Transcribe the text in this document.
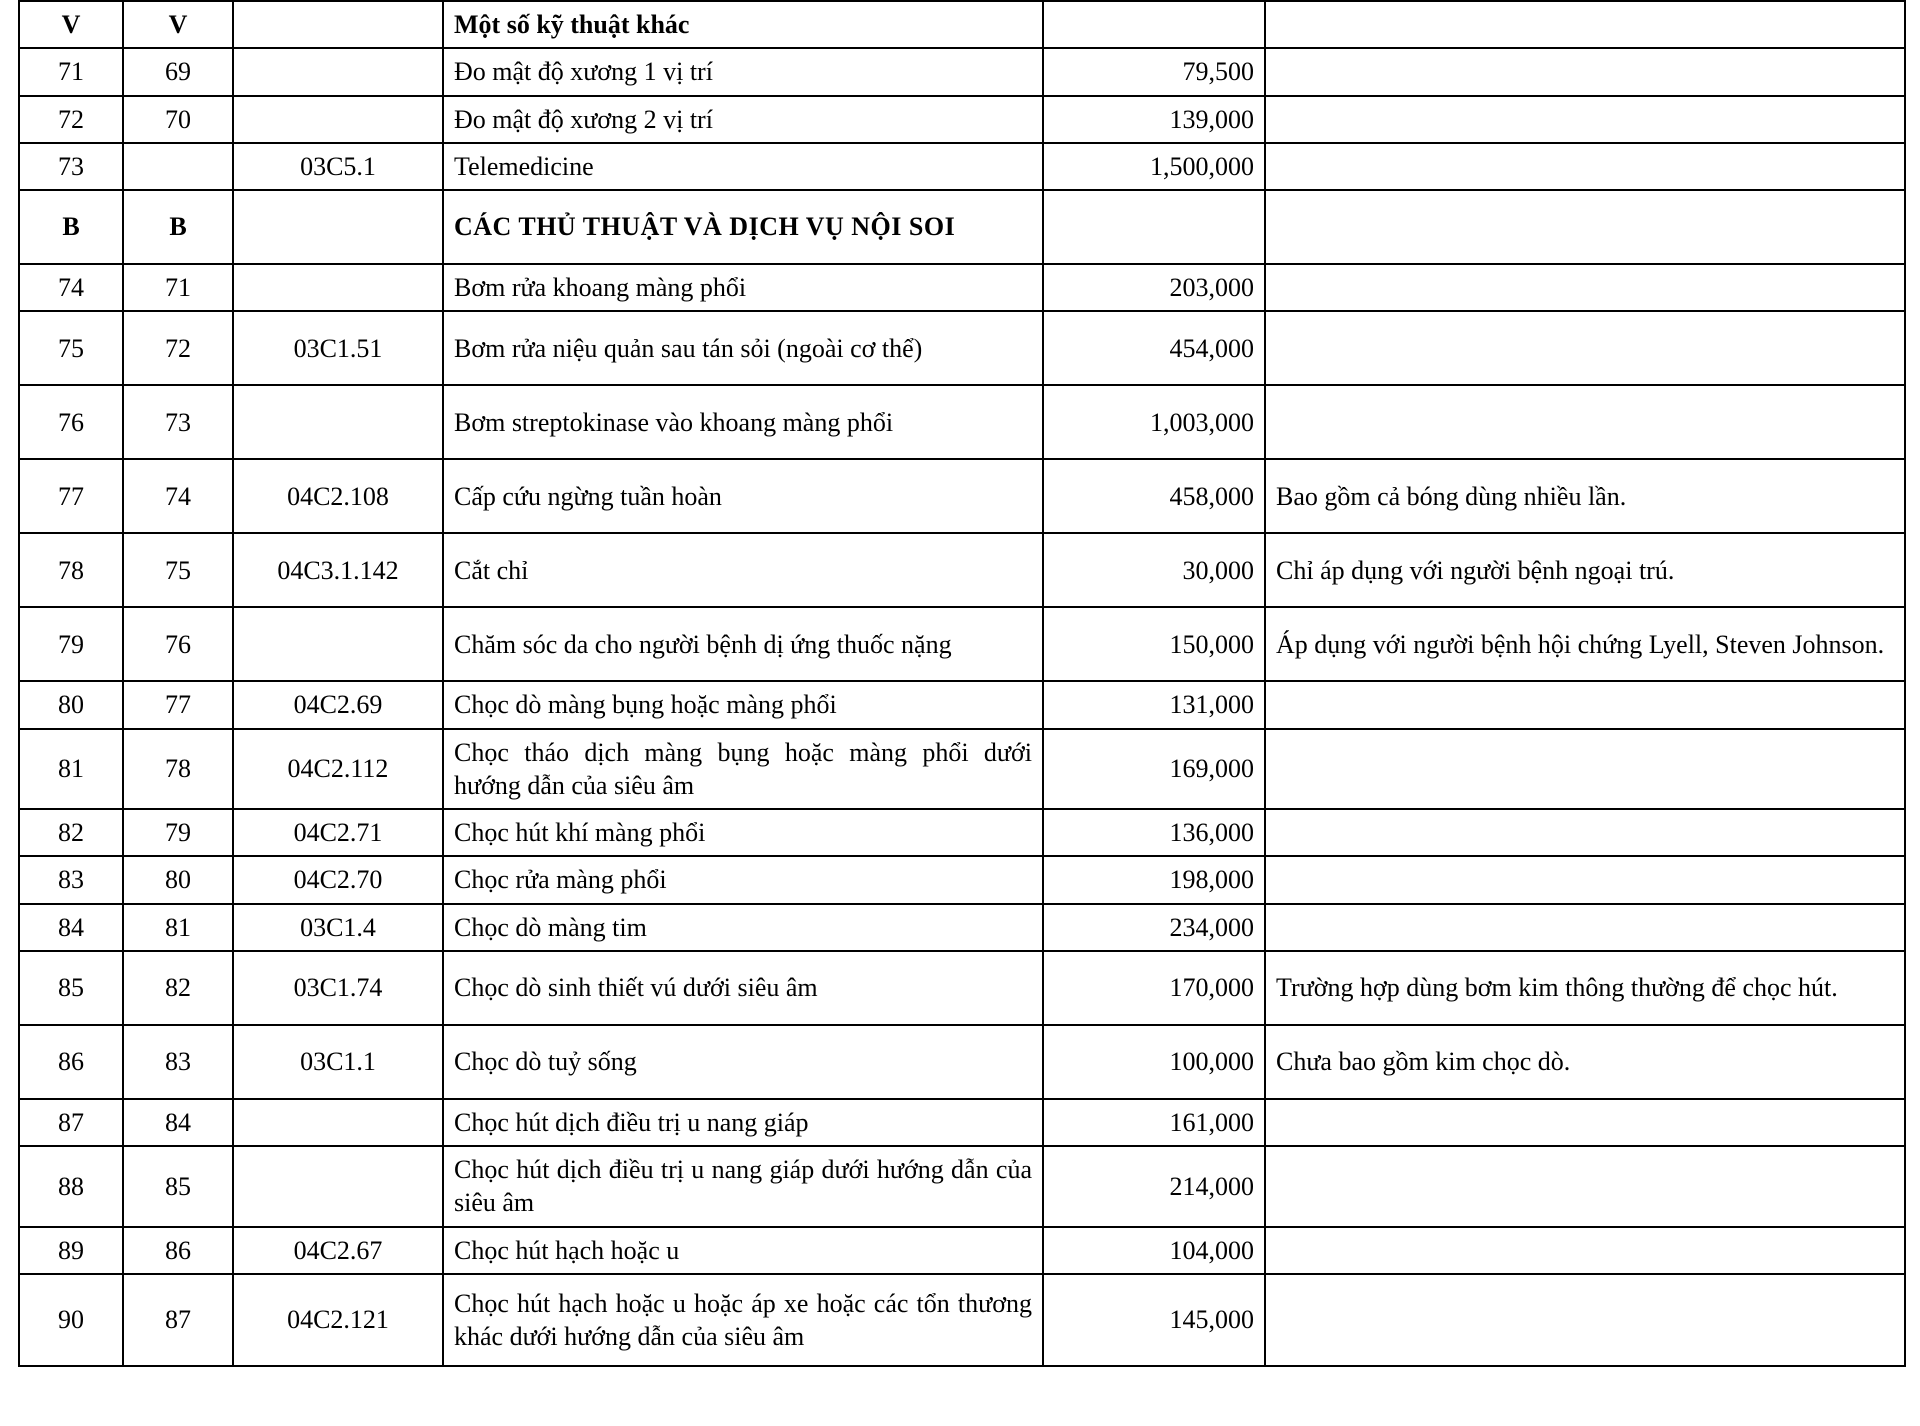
V	V		Một số kỹ thuật khác		
71	69		Đo mật độ xương 1 vị trí	79,500	
72	70		Đo mật độ xương 2 vị trí	139,000	
73		03C5.1	Telemedicine	1,500,000	
B	B		CÁC THỦ THUẬT VÀ DỊCH VỤ NỘI SOI		
74	71		Bơm rửa khoang màng phổi	203,000	
75	72	03C1.51	Bơm rửa niệu quản sau tán sỏi (ngoài cơ thể)	454,000	
76	73		Bơm streptokinase vào khoang màng phổi	1,003,000	
77	74	04C2.108	Cấp cứu ngừng tuần hoàn	458,000	Bao gồm cả bóng dùng nhiều lần.
78	75	04C3.1.142	Cắt chỉ	30,000	Chỉ áp dụng với người bệnh ngoại trú.
79	76		Chăm sóc da cho người bệnh dị ứng thuốc nặng	150,000	Áp dụng với người bệnh hội chứng Lyell, Steven Johnson.
80	77	04C2.69	Chọc dò màng bụng hoặc màng phổi	131,000	
81	78	04C2.112	Chọc tháo dịch màng bụng hoặc màng phổi dưới hướng dẫn của siêu âm	169,000	
82	79	04C2.71	Chọc hút khí màng phổi	136,000	
83	80	04C2.70	Chọc rửa màng phổi	198,000	
84	81	03C1.4	Chọc dò màng tim	234,000	
85	82	03C1.74	Chọc dò sinh thiết vú dưới siêu âm	170,000	Trường hợp dùng bơm kim thông thường để chọc hút.
86	83	03C1.1	Chọc dò tuỷ sống	100,000	Chưa bao gồm kim chọc dò.
87	84		Chọc hút dịch điều trị u nang giáp	161,000	
88	85		Chọc hút dịch điều trị u nang giáp dưới hướng dẫn của siêu âm	214,000	
89	86	04C2.67	Chọc hút hạch hoặc u	104,000	
90	87	04C2.121	Chọc hút hạch hoặc u hoặc áp xe hoặc các tổn thương khác dưới hướng dẫn của siêu âm	145,000	
